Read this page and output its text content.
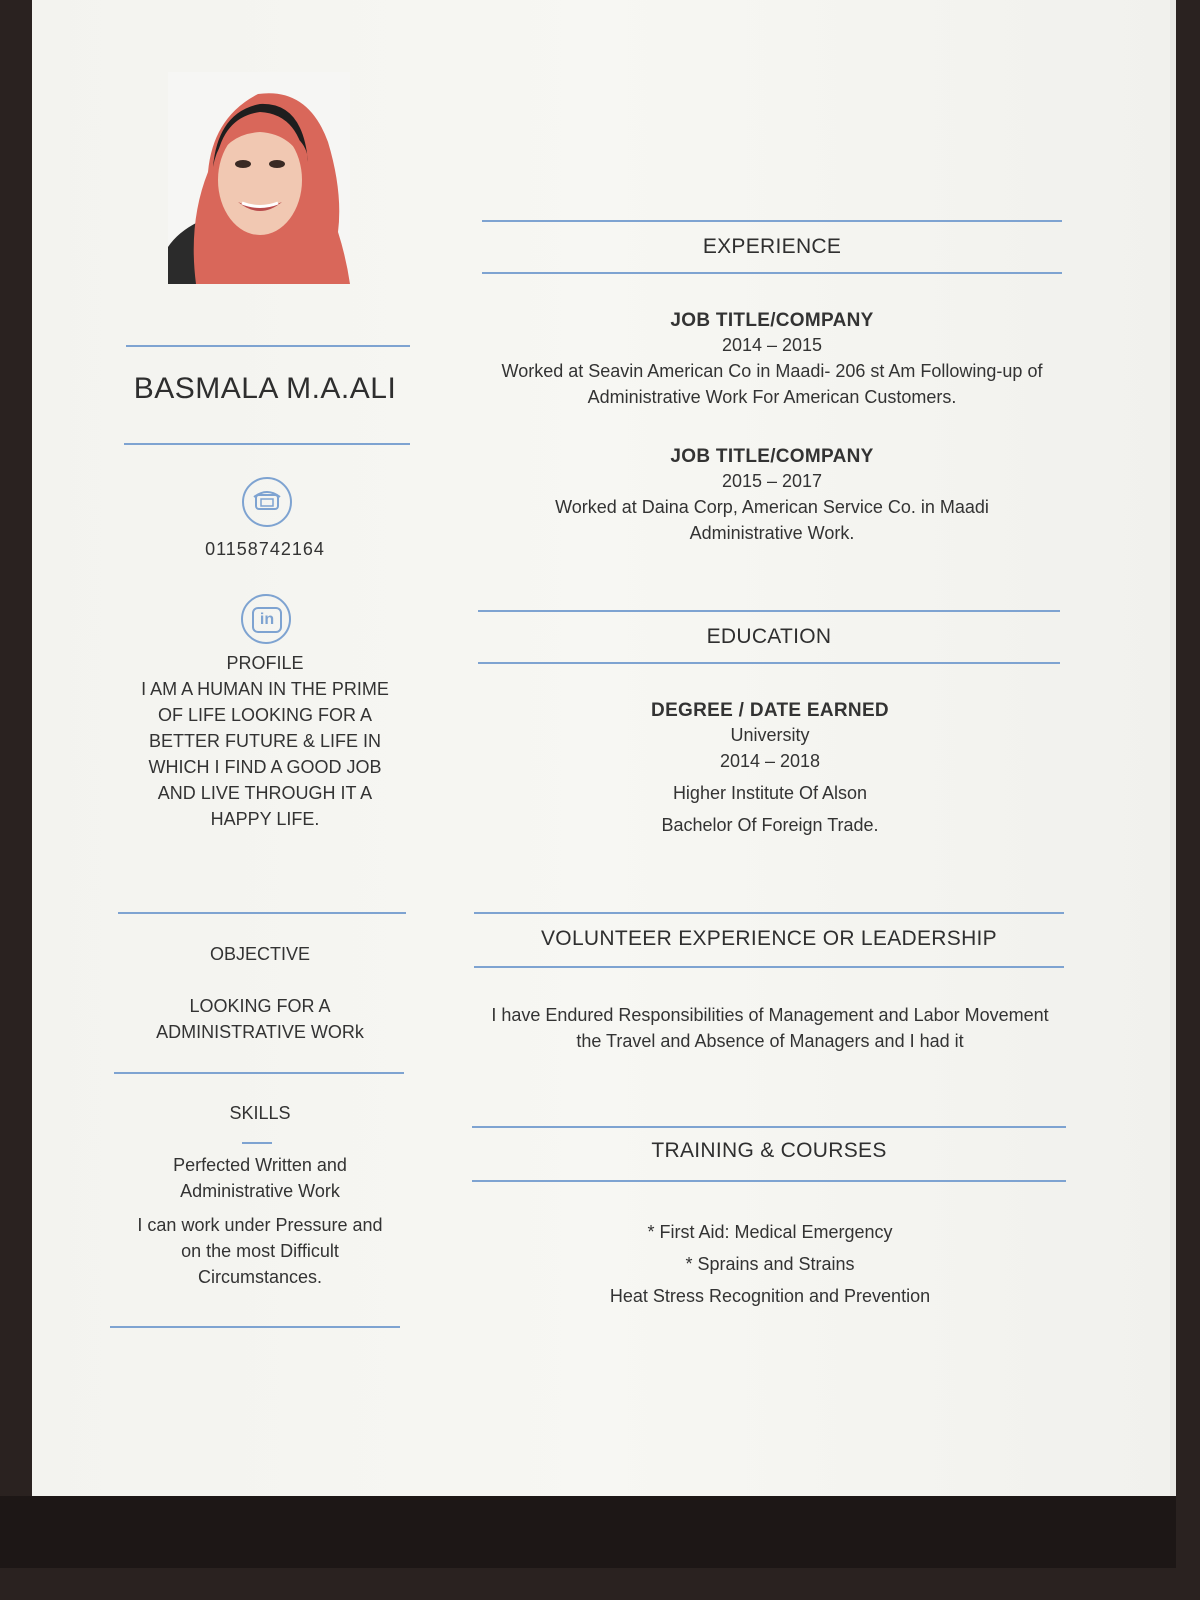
BASMALA M.A.ALI
01158742164
in
PROFILE
I AM A HUMAN IN THE PRIME
OF LIFE LOOKING FOR A
BETTER FUTURE & LIFE IN
WHICH I FIND A GOOD JOB
AND LIVE THROUGH IT A
HAPPY LIFE.
OBJECTIVE
LOOKING FOR A
ADMINISTRATIVE WORk
SKILLS
Perfected Written and
Administrative Work
I can work under Pressure and
on the most Difficult
Circumstances.
EXPERIENCE
JOB TITLE/COMPANY
2014 – 2015
Worked at Seavin American Co in Maadi- 206 st Am Following-up of
Administrative Work For American Customers.
JOB TITLE/COMPANY
2015 – 2017
Worked at Daina Corp, American Service Co. in Maadi
Administrative Work.
EDUCATION
DEGREE / DATE EARNED
University
2014 – 2018
Higher Institute Of Alson
Bachelor Of Foreign Trade.
VOLUNTEER EXPERIENCE OR LEADERSHIP
I have Endured Responsibilities of Management and Labor Movement
the Travel and Absence of Managers and I had it
TRAINING & COURSES
* First Aid: Medical Emergency
* Sprains and Strains
Heat Stress Recognition and Prevention
